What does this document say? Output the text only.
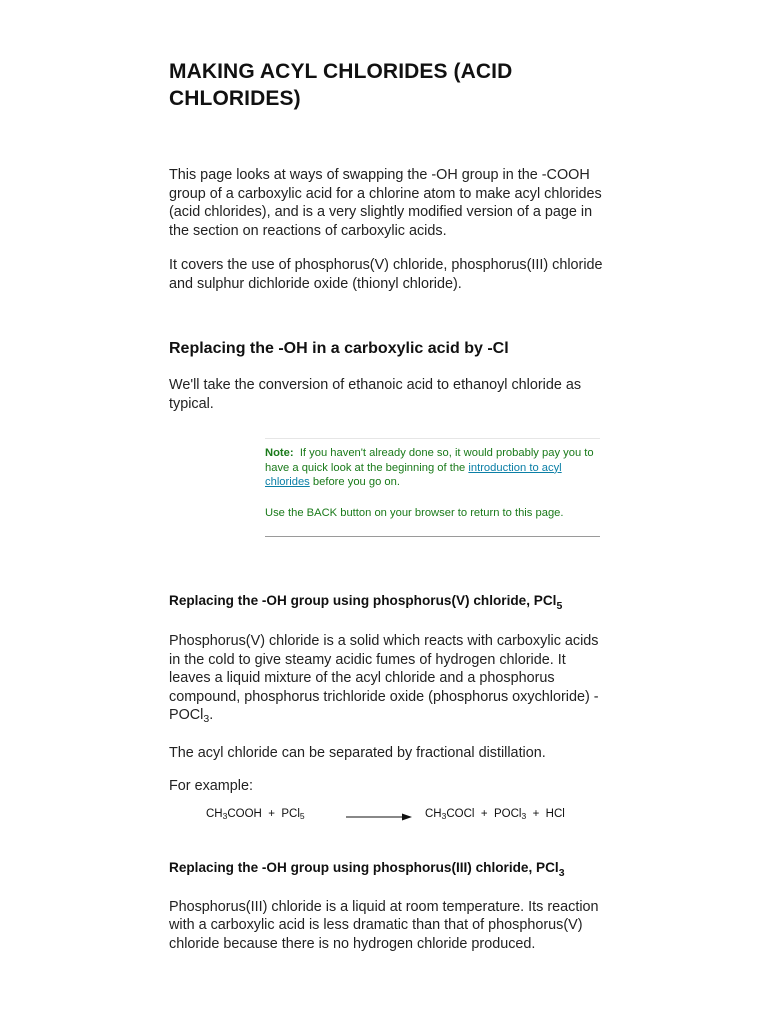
MAKING ACYL CHLORIDES (ACID CHLORIDES)

This page looks at ways of swapping the -OH group in the -COOH group of a carboxylic acid for a chlorine atom to make acyl chlorides (acid chlorides), and is a very slightly modified version of a page in the section on reactions of carboxylic acids.

It covers the use of phosphorus(V) chloride, phosphorus(III) chloride and sulphur dichloride oxide (thionyl chloride).

Replacing the -OH in a carboxylic acid by -Cl

We'll take the conversion of ethanoic acid to ethanoyl chloride as typical.

Note: If you haven't already done so, it would probably pay you to have a quick look at the beginning of the introduction to acyl chlorides before you go on.
Use the BACK button on your browser to return to this page.
Replacing the -OH group using phosphorus(V) chloride, PCl$_5$

Phosphorus(V) chloride is a solid which reacts with carboxylic acids in the cold to give steamy acidic fumes of hydrogen chloride. It leaves a liquid mixture of the acyl chloride and a phosphorus compound, phosphorus trichloride oxide (phosphorus oxychloride) - POCl$_3$.

The acyl chloride can be separated by fractional distillation.

For example:

$CH_3COOH + PCl_5$	$CH_3COCl$  +  POCl$_3$  +  HCl
Replacing the -OH group using phosphorus(III) chloride, PCl$_3$

Phosphorus(III) chloride is a liquid at room temperature. Its reaction with a carboxylic acid is less dramatic than that of phosphorus(V) chloride because there is no hydrogen chloride produced.
